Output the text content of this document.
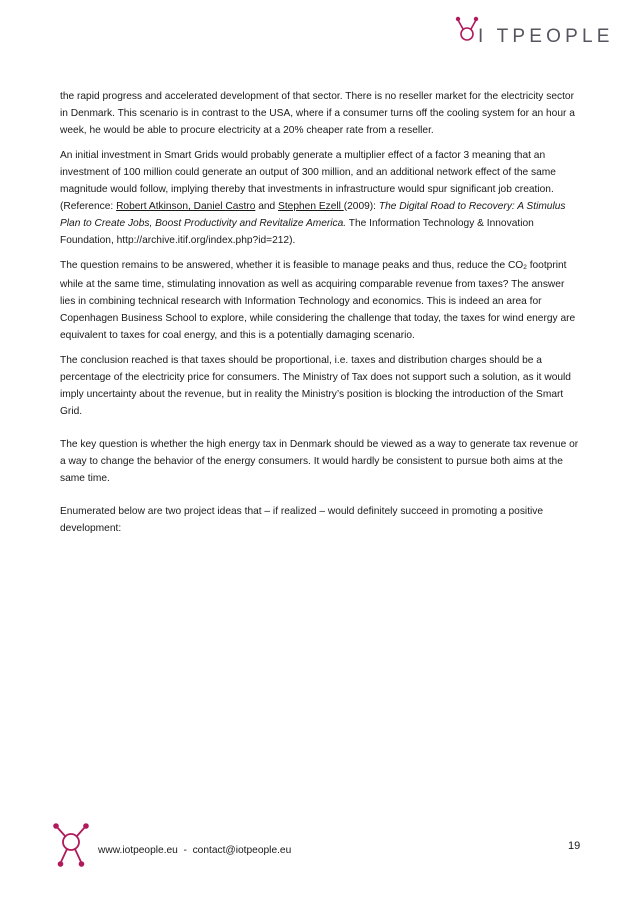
I TPEOPLE

the rapid progress and accelerated development of that sector. There is no reseller market for the electricity sector in Denmark. This scenario is in contrast to the USA, where if a consumer turns off the cooling system for an hour a week, he would be able to procure electricity at a 20% cheaper rate from a reseller.

An initial investment in Smart Grids would probably generate a multiplier effect of a factor 3 meaning that an investment of 100 million could generate an output of 300 million, and an additional network effect of the same magnitude would follow, implying thereby that investments in infrastructure would spur significant job creation. (Reference: Robert Atkinson, Daniel Castro and Stephen Ezell (2009): The Digital Road to Recovery: A Stimulus Plan to Create Jobs, Boost Productivity and Revitalize America. The Information Technology & Innovation Foundation, http://archive.itif.org/index.php?id=212).

The question remains to be answered, whether it is feasible to manage peaks and thus, reduce the $CO_2$ footprint while at the same time, stimulating innovation as well as acquiring comparable revenue from taxes? The answer lies in combining technical research with Information Technology and economics. This is indeed an area for Copenhagen Business School to explore, while considering the challenge that today, the taxes for wind energy are equivalent to taxes for coal energy, and this is a potentially damaging scenario.

The conclusion reached is that taxes should be proportional, i.e. taxes and distribution charges should be a percentage of the electricity price for consumers. The Ministry of Tax does not support such a solution, as it would imply uncertainty about the revenue, but in reality the Ministry’s position is blocking the introduction of the Smart Grid.

The key question is whether the high energy tax in Denmark should be viewed as a way to generate tax revenue or a way to change the behavior of the energy consumers. It would hardly be consistent to pursue both aims at the same time.

Enumerated below are two project ideas that – if realized – would definitely succeed in promoting a positive development:

www.iotpeople.eu  -  contact@iotpeople.eu	19
